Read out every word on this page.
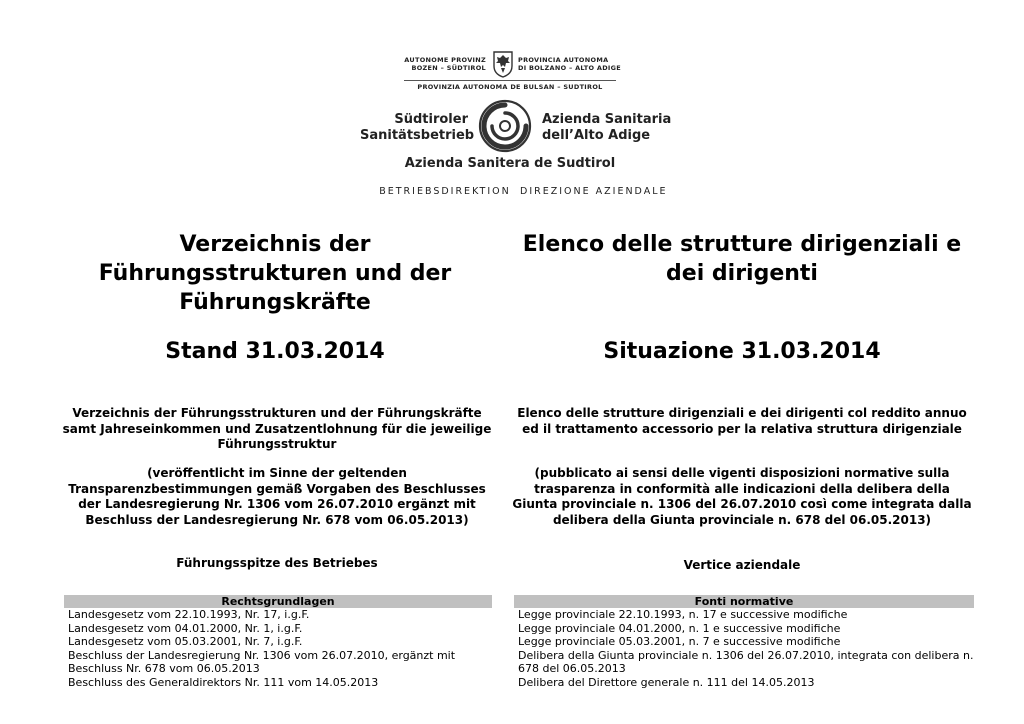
AUTONOME PROVINZ
BOZEN – SÜDTIROL
PROVINCIA AUTONOMA
DI BOLZANO – ALTO ADIGE
PROVINZIA AUTONOMA DE BULSAN – SUDTIROL
Südtiroler
Sanitätsbetrieb
Azienda Sanitaria
dell’Alto Adige
Azienda Sanitera de Sudtirol
BETRIEBSDIREKTION DIREZIONE AZIENDALE
Verzeichnis der Führungsstrukturen und der Führungskräfte
Stand 31.03.2014
Verzeichnis der Führungsstrukturen und der Führungskräfte samt Jahreseinkommen und Zusatzentlohnung für die jeweilige Führungsstruktur
(veröffentlicht im Sinne der geltenden Transparenzbestimmungen gemäß Vorgaben des Beschlusses der Landesregierung Nr. 1306 vom 26.07.2010 ergänzt mit Beschluss der Landesregierung Nr. 678 vom 06.05.2013)
Führungsspitze des Betriebes
Rechtsgrundlagen
Landesgesetz vom 22.10.1993, Nr. 17, i.g.F.
Landesgesetz vom 04.01.2000, Nr. 1, i.g.F.
Landesgesetz vom 05.03.2001, Nr. 7, i.g.F.
Beschluss der Landesregierung Nr. 1306 vom 26.07.2010, ergänzt mit Beschluss Nr. 678 vom 06.05.2013
Beschluss des Generaldirektors Nr. 111 vom 14.05.2013
Elenco delle strutture dirigenziali e dei dirigenti
Situazione 31.03.2014
Elenco delle strutture dirigenziali e dei dirigenti col reddito annuo ed il trattamento accessorio per la relativa struttura dirigenziale
(pubblicato ai sensi delle vigenti disposizioni normative sulla trasparenza in conformità alle indicazioni della delibera della Giunta provinciale n. 1306 del 26.07.2010 così come integrata dalla delibera della Giunta provinciale n. 678 del 06.05.2013)
Vertice aziendale
Fonti normative
Legge provinciale 22.10.1993, n. 17 e successive modifiche
Legge provinciale 04.01.2000, n. 1 e successive modifiche
Legge provinciale 05.03.2001, n. 7 e successive modifiche
Delibera della Giunta provinciale n. 1306 del 26.07.2010, integrata con delibera n. 678 del 06.05.2013
Delibera del Direttore generale n. 111 del 14.05.2013
